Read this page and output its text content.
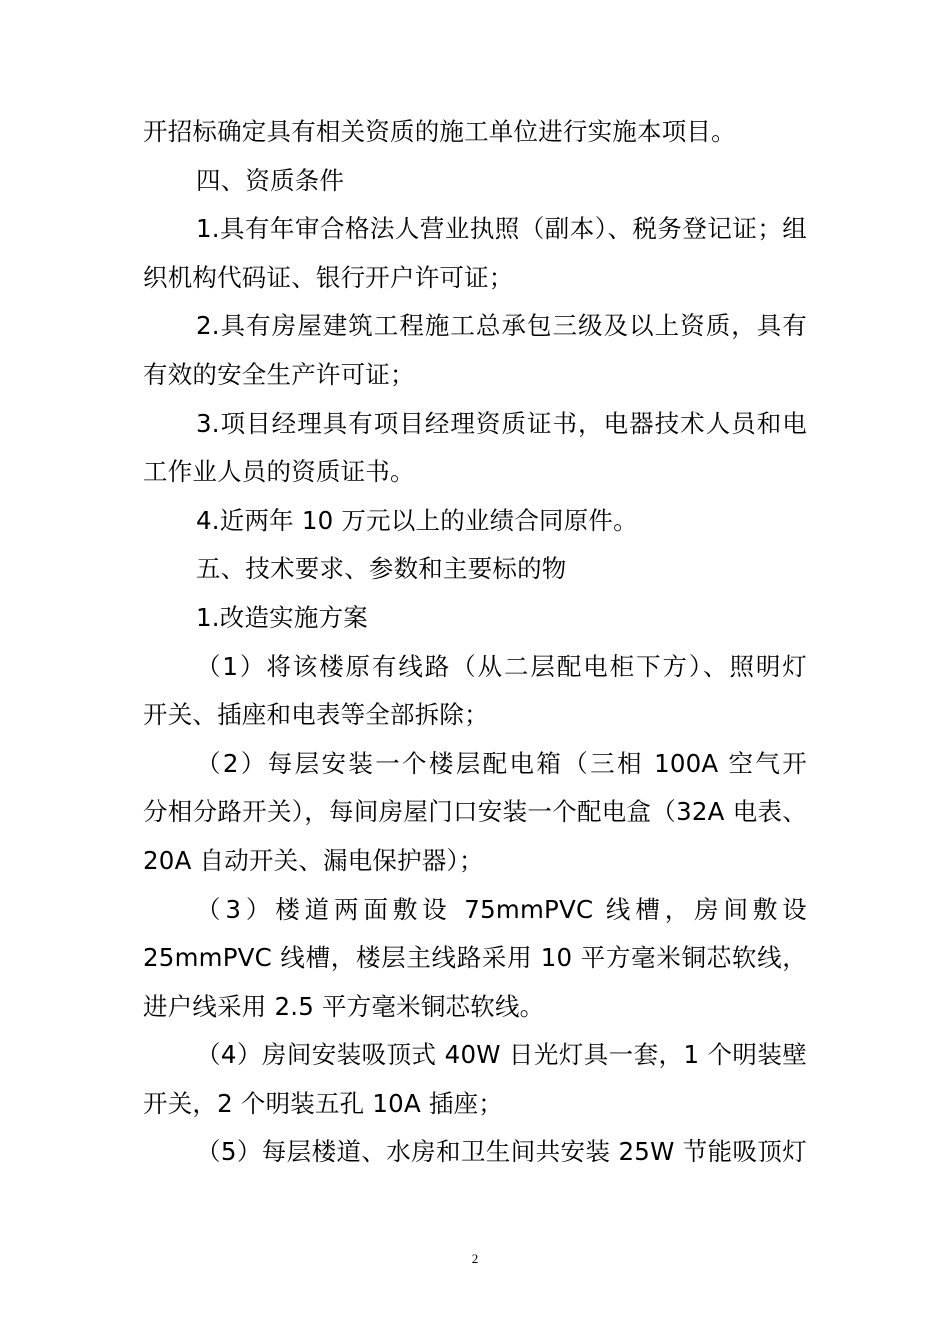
开招标确定具有相关资质的施工单位进行实施本项目。
四、资质条件
1.具有年审合格法人营业执照（副本）、税务登记证；组
织机构代码证、银行开户许可证；
2.具有房屋建筑工程施工总承包三级及以上资质，具有
有效的安全生产许可证；
3.项目经理具有项目经理资质证书，电器技术人员和电
工作业人员的资质证书。
4.近两年 10 万元以上的业绩合同原件。
五、技术要求、参数和主要标的物
1.改造实施方案
（1）将该楼原有线路（从二层配电柜下方）、照明灯
开关、插座和电表等全部拆除；
（2）每层安装一个楼层配电箱（三相 100A 空气开
分相分路开关），每间房屋门口安装一个配电盒（32A 电表、
20A 自动开关、漏电保护器）；
（3）楼道两面敷设 75mmPVC 线槽，房间敷设
25mmPVC 线槽，楼层主线路采用 10 平方毫米铜芯软线，
进户线采用 2.5 平方毫米铜芯软线。
（4）房间安装吸顶式 40W 日光灯具一套，1 个明装壁
开关，2 个明装五孔 10A 插座；
（5）每层楼道、水房和卫生间共安装 25W 节能吸顶灯
2
